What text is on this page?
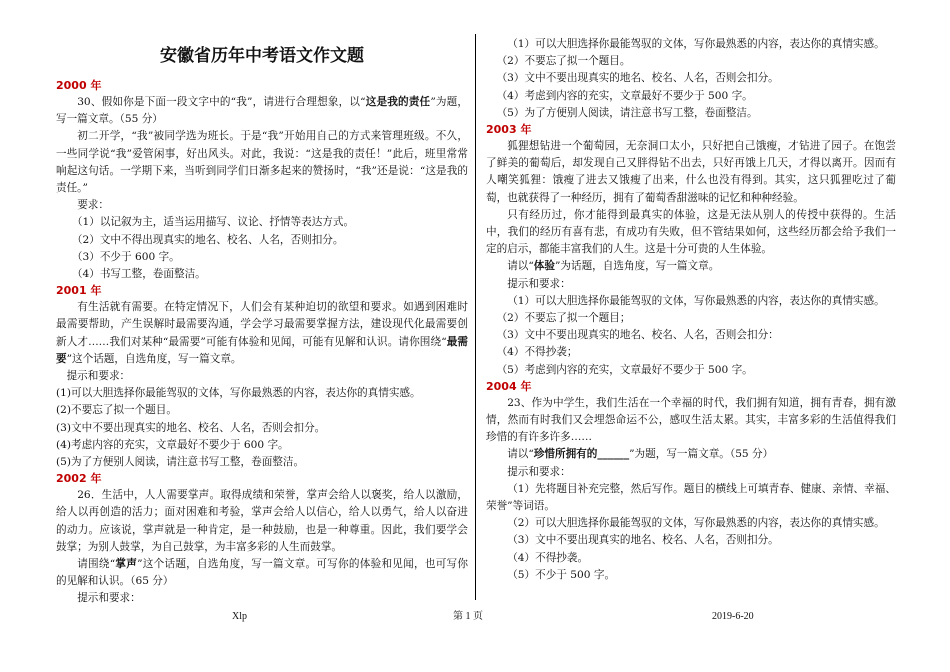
安徽省历年中考语文作文题
2000 年
30、假如你是下面一段文字中的“我”，请进行合理想象，以“这是我的责任”为题，写一篇文章。（55 分）
初二开学，“我”被同学选为班长。于是“我”开始用自己的方式来管理班级。不久，一些同学说“我”爱管闲事，好出风头。对此，我说：“这是我的责任！”此后，班里常常响起这句话。一学期下来，当听到同学们日渐多起来的赞扬时，“我”还是说：“这是我的责任。”
要求：
（1）以记叙为主，适当运用描写、议论、抒情等表达方式。
（2）文中不得出现真实的地名、校名、人名，否则扣分。
（3）不少于 600 字。
（4）书写工整，卷面整洁。
2001 年
有生活就有需要。在特定情况下，人们会有某种迫切的欲望和要求。如遇到困难时最需要帮助，产生误解时最需要沟通，学会学习最需要掌握方法，建设现代化最需要创新人才……我们对某种“最需要”可能有体验和见闻，可能有见解和认识。请你围绕“最需要”这个话题，自选角度，写一篇文章。
提示和要求：
(1)可以大胆选择你最能驾驭的文体，写你最熟悉的内容，表达你的真情实感。
(2)不要忘了拟一个题目。
(3)文中不要出现真实的地名、校名、人名，否则会扣分。
(4)考虑内容的充实，文章最好不要少于 600 字。
(5)为了方便别人阅读，请注意书写工整，卷面整洁。
2002 年
26．生活中，人人需要掌声。取得成绩和荣誉，掌声会给人以褒奖，给人以激励，给人以再创造的活力；面对困难和考验，掌声会给人以信心，给人以勇气，给人以奋进的动力。应该说，掌声就是一种肯定，是一种鼓励，也是一种尊重。因此，我们要学会鼓掌；为别人鼓掌，为自己鼓掌，为丰富多彩的人生而鼓掌。
请围绕“掌声”这个话题，自选角度，写一篇文章。可写你的体验和见闻，也可写你的见解和认识。（65 分）
提示和要求：
（1）可以大胆选择你最能驾驭的文体，写你最熟悉的内容，表达你的真情实感。
（2）不要忘了拟一个题目。
（3）文中不要出现真实的地名、校名、人名，否则会扣分。
（4）考虑到内容的充实，文章最好不要少于 500 字。
（5）为了方便别人阅读，请注意书写工整，卷面整洁。
2003 年
狐狸想钻进一个葡萄园，无奈洞口太小，只好把自己饿瘦，才钻进了园子。在饱尝了鲜美的葡萄后，却发现自己又胖得钻不出去，只好再饿上几天，才得以离开。因而有人嘲笑狐狸：饿瘦了进去又饿瘦了出来，什么也没有得到。其实，这只狐狸吃过了葡萄，也就获得了一种经历，拥有了葡萄香甜滋味的记忆和种种经验。
只有经历过，你才能得到最真实的体验，这是无法从别人的传授中获得的。生活中，我们的经历有喜有悲，有成功有失败，但不管结果如何，这些经历都会给予我们一定的启示，都能丰富我们的人生。这是十分可贵的人生体验。
请以“体验”为话题，自选角度，写一篇文章。
提示和要求：
（1）可以大胆选择你最能驾驭的文体，写你最熟悉的内容，表达你的真情实感。
（2）不要忘了拟一个题目；
（3）文中不要出现真实的地名、校名、人名，否则会扣分：
（4）不得抄袭；
（5）考虑到内容的充实，文章最好不要少于 500 字。
2004 年
23、作为中学生，我们生活在一个幸福的时代，我们拥有知道，拥有青春，拥有激情，然而有时我们又会埋怨命运不公，感叹生活太累。其实，丰富多彩的生活值得我们珍惜的有许多许多……
请以“珍惜所拥有的______”为题，写一篇文章。（55 分）
提示和要求：
（1）先将题目补充完整，然后写作。题目的横线上可填青春、健康、亲情、幸福、荣誉”等词语。
（2）可以大胆选择你最能驾驭的文体，写你最熟悉的内容，表达你的真情实感。
（3）文中不要出现真实的地名、校名、人名，否则扣分。
（4）不得抄袭。
（5）不少于 500 字。
Xlp	第 1 页	2019-6-20
